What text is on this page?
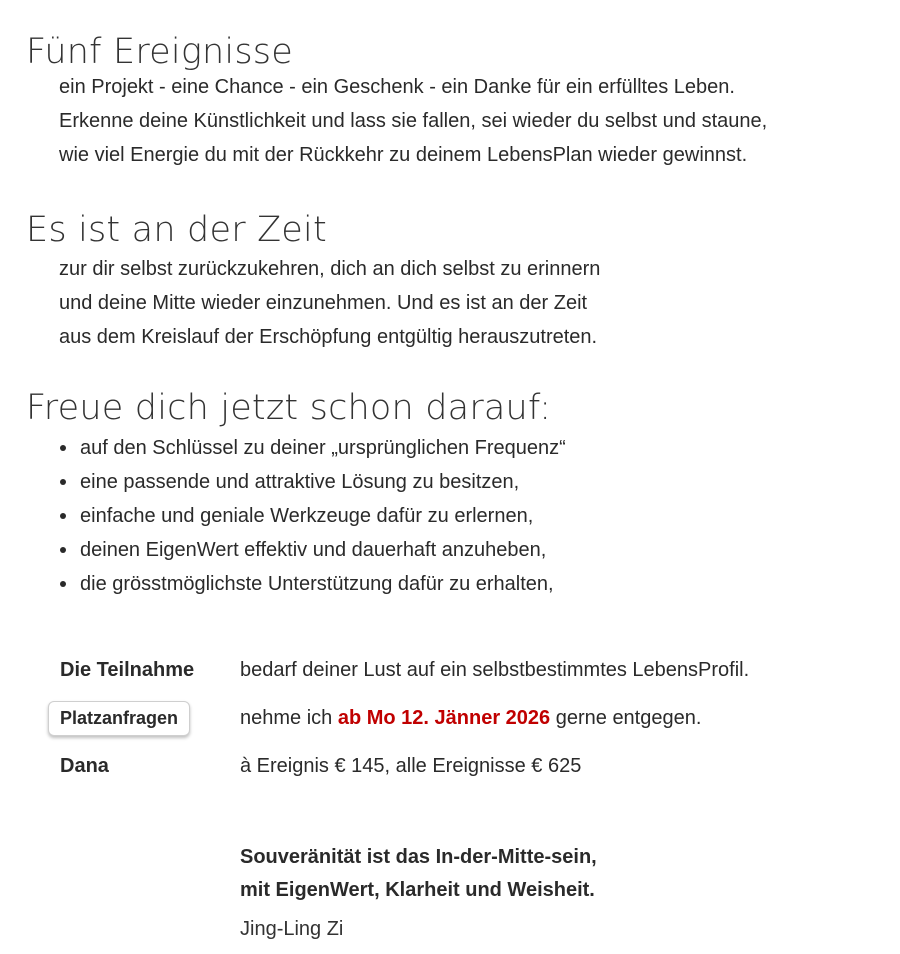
Fünf Ereignisse
ein Projekt - eine Chance - ein Geschenk - ein Danke für ein erfülltes Leben.
Erkenne deine Künstlichkeit und lass sie fallen, sei wieder du selbst und staune,
wie viel Energie du mit der Rückkehr zu deinem LebensPlan wieder gewinnst.
Es ist an der Zeit
zur dir selbst zurückzukehren, dich an dich selbst zu erinnern
und deine Mitte wieder einzunehmen. Und es ist an der Zeit
aus dem Kreislauf der Erschöpfung entgültig herauszutreten.
Freue dich jetzt schon darauf:
auf den Schlüssel zu deiner „ursprünglichen Frequenz“
eine passende und attraktive Lösung zu besitzen,
einfache und geniale Werkzeuge dafür zu erlernen,
deinen EigenWert effektiv und dauerhaft anzuheben,
die grösstmöglichste Unterstützung dafür zu erhalten,
Die Teilnahme	bedarf deiner Lust auf ein selbstbestimmtes LebensProfil.
Platzanfragen	nehme ich ab Mo 12. Jänner 2026 gerne entgegen.
Dana	à Ereignis € 145, alle Ereignisse € 625
Souveränität ist das In-der-Mitte-sein,
mit EigenWert, Klarheit und Weisheit.
Jing-Ling Zi
